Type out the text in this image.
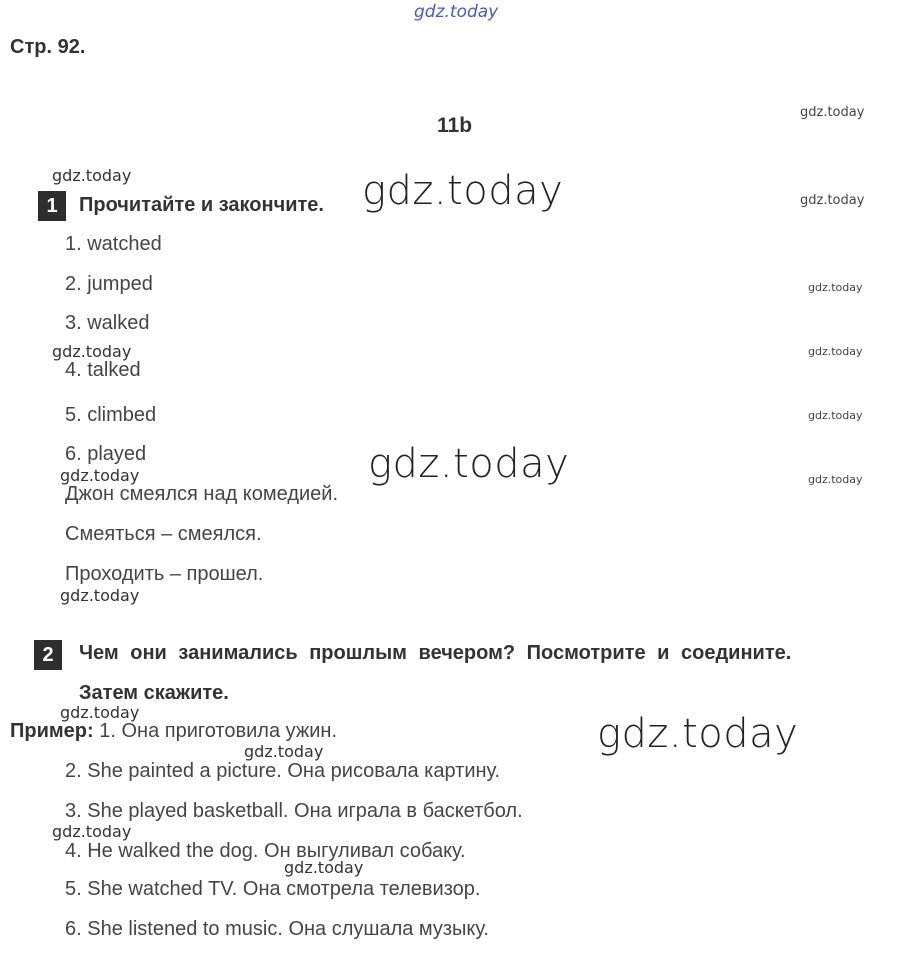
gdz.today
Стр. 92.
11b
gdz.today
gdz.today
gdz.today
gdz.today
gdz.today
gdz.today
gdz.today
gdz.today
gdz.today
gdz.today
gdz.today
gdz.today
gdz.today
gdz.today
gdz.today
gdz.today
gdz.today
1	Прочитайте и закончите.
1. watched
2. jumped
3. walked
4. talked
5. climbed
6. played
Джон смеялся над комедией.
Смеяться – смеялся.
Проходить – прошел.
2	Чем они занимались прошлым вечером? Посмотрите и соедините.
Затем скажите.
Пример: 1. Она приготовила ужин.
2. She painted a picture. Она рисовала картину.
3. She played basketball. Она играла в баскетбол.
4. He walked the dog. Он выгуливал собаку.
5. She watched TV. Она смотрела телевизор.
6. She listened to music. Она слушала музыку.
